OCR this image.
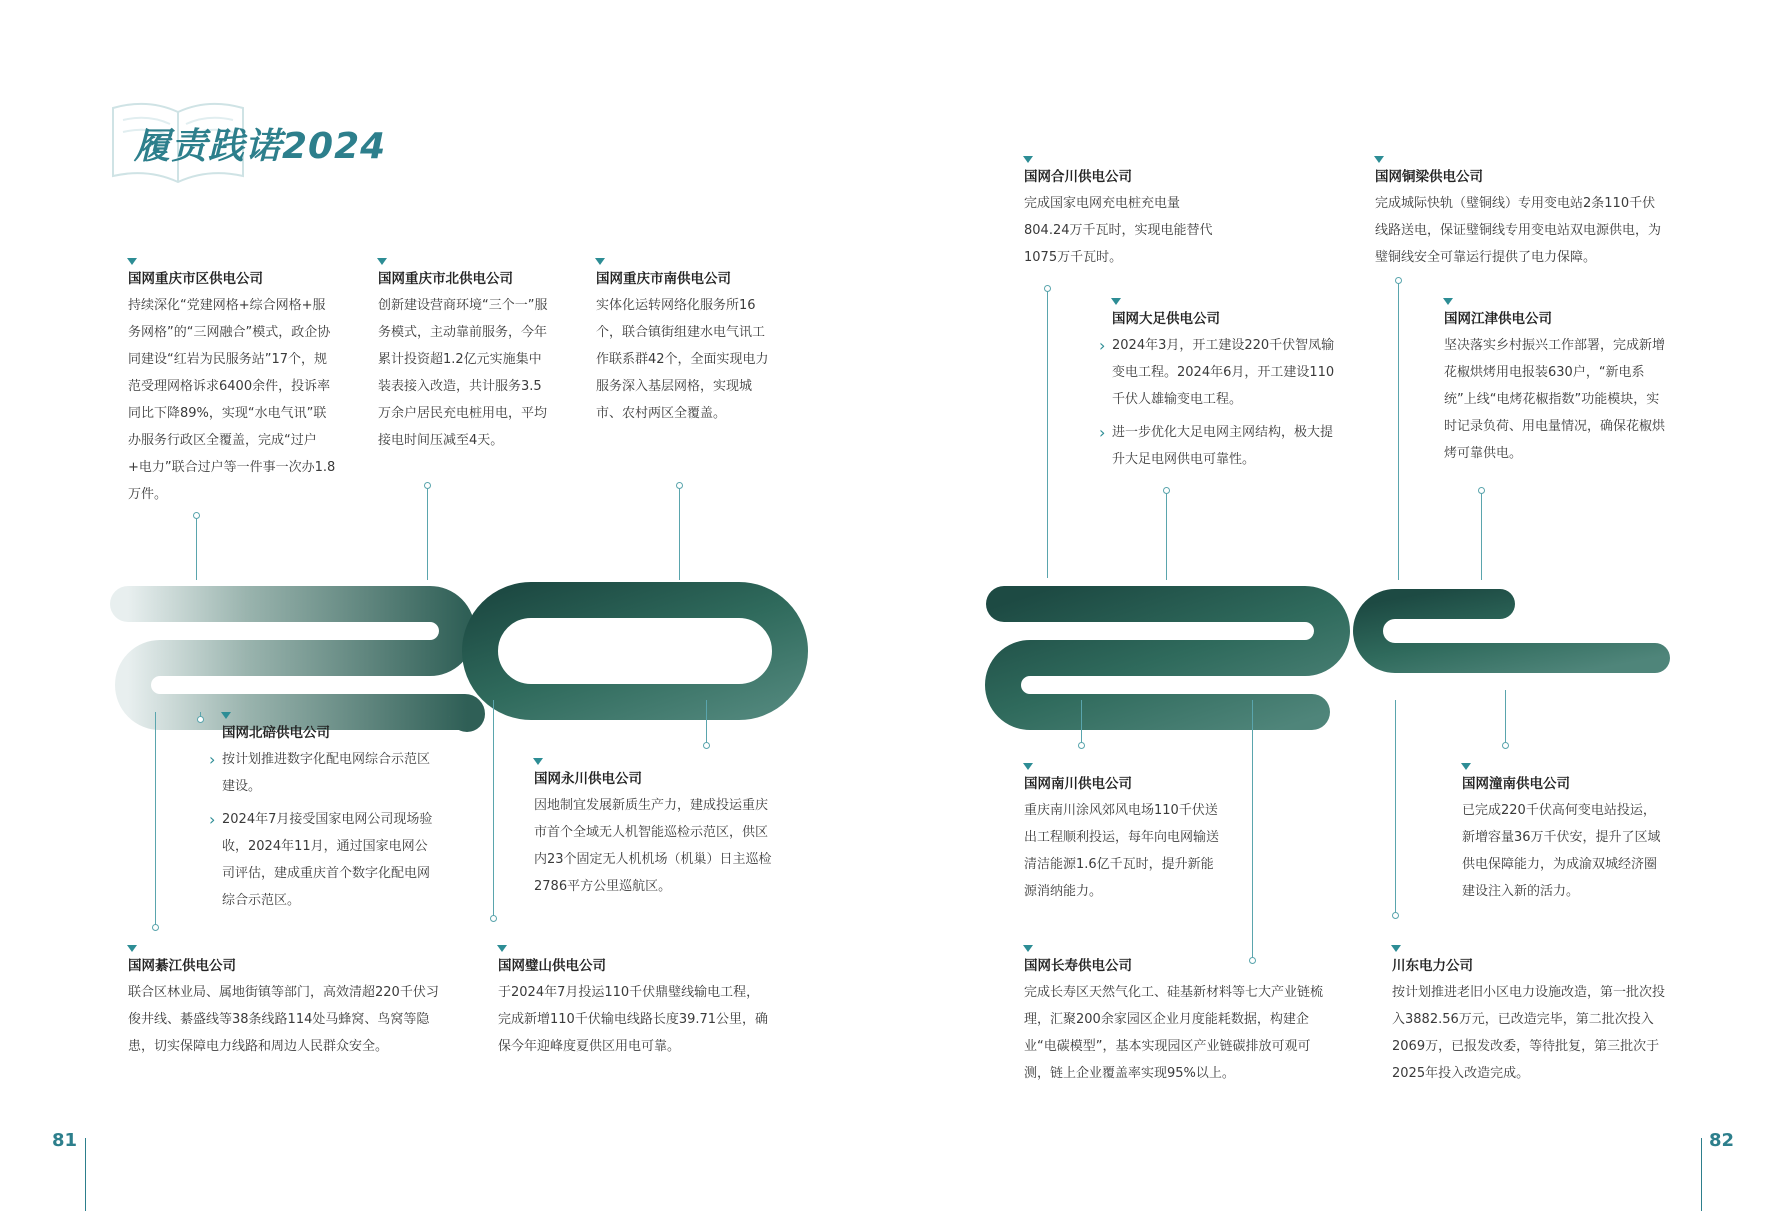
履责践诺2024
国网重庆市区供电公司
持续深化“党建网格+综合网格+服务网格”的“三网融合”模式，政企协同建设“红岩为民服务站”17个，规范受理网格诉求6400余件，投诉率同比下降89%，实现“水电气讯”联办服务行政区全覆盖，完成“过户+电力”联合过户等一件事一次办1.8万件。
国网重庆市北供电公司
创新建设营商环境“三个一”服务模式，主动靠前服务，今年累计投资超1.2亿元实施集中装表接入改造，共计服务3.5万余户居民充电桩用电，平均接电时间压减至4天。
国网重庆市南供电公司
实体化运转网络化服务所16个，联合镇街组建水电气讯工作联系群42个，全面实现电力服务深入基层网格，实现城市、农村两区全覆盖。
国网合川供电公司
完成国家电网充电桩充电量804.24万千瓦时，实现电能替代1075万千瓦时。
国网铜梁供电公司
完成城际快轨（璧铜线）专用变电站2条110千伏线路送电，保证璧铜线专用变电站双电源供电，为璧铜线安全可靠运行提供了电力保障。
国网大足供电公司
› 2024年3月，开工建设220千伏智凤输变电工程。2024年6月，开工建设110千伏人雄输变电工程。
› 进一步优化大足电网主网结构，极大提升大足电网供电可靠性。
国网江津供电公司
坚决落实乡村振兴工作部署，完成新增花椒烘烤用电报装630户，“新电系统”上线“电烤花椒指数”功能模块，实时记录负荷、用电量情况，确保花椒烘烤可靠供电。
国网北碚供电公司
› 按计划推进数字化配电网综合示范区建设。
› 2024年7月接受国家电网公司现场验收，2024年11月，通过国家电网公司评估，建成重庆首个数字化配电网综合示范区。
国网永川供电公司
因地制宜发展新质生产力，建成投运重庆市首个全域无人机智能巡检示范区，供区内23个固定无人机机场（机巢）日主巡检2786平方公里巡航区。
国网綦江供电公司
联合区林业局、属地街镇等部门，高效清超220千伏习俊井线、綦盛线等38条线路114处马蜂窝、鸟窝等隐患，切实保障电力线路和周边人民群众安全。
国网璧山供电公司
于2024年7月投运110千伏鼎璧线输电工程，完成新增110千伏输电线路长度39.71公里，确保今年迎峰度夏供区用电可靠。
国网南川供电公司
重庆南川涂风郊风电场110千伏送出工程顺利投运，每年向电网输送清洁能源1.6亿千瓦时，提升新能源消纳能力。
国网潼南供电公司
已完成220千伏高何变电站投运，新增容量36万千伏安，提升了区域供电保障能力，为成渝双城经济圈建设注入新的活力。
国网长寿供电公司
完成长寿区天然气化工、硅基新材料等七大产业链梳理，汇聚200余家园区企业月度能耗数据，构建企业“电碳模型”，基本实现园区产业链碳排放可观可测，链上企业覆盖率实现95%以上。
川东电力公司
按计划推进老旧小区电力设施改造，第一批次投入3882.56万元，已改造完毕，第二批次投入2069万，已报发改委，等待批复，第三批次于2025年投入改造完成。
81	82
